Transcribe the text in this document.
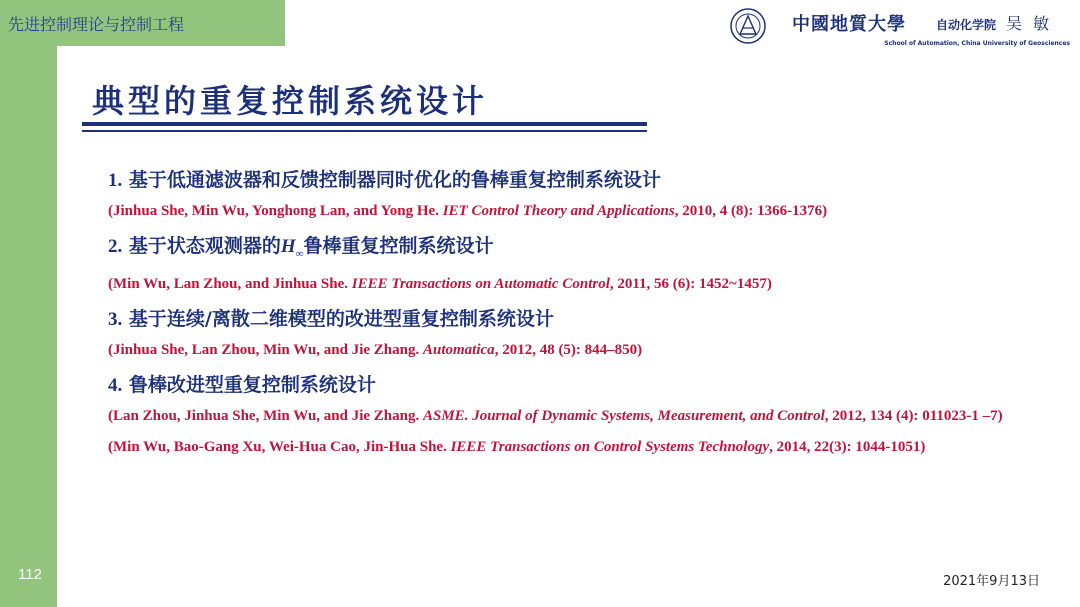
先进控制理论与控制工程	中國地質大學	自动化学院 吴 敏
School of Automation, China University of Geosciences
典型的重复控制系统设计

1. 基于低通滤波器和反馈控制器同时优化的鲁棒重复控制系统设计

(Jinhua She, Min Wu, Yonghong Lan, and Yong He. IET Control Theory and Applications, 2010, 4 (8): 1366-1376)

2. 基于状态观测器的$H_\infty$鲁棒重复控制系统设计

(Min Wu, Lan Zhou, and Jinhua She. IEEE Transactions on Automatic Control, 2011, 56 (6): 1452~1457)

3. 基于连续/离散二维模型的改进型重复控制系统设计

(Jinhua She, Lan Zhou, Min Wu, and Jie Zhang. Automatica, 2012, 48 (5): 844–850)

4. 鲁棒改进型重复控制系统设计

(Lan Zhou, Jinhua She, Min Wu, and Jie Zhang. ASME. Journal of Dynamic Systems, Measurement, and Control, 2012, 134 (4): 011023-1 –7)

(Min Wu, Bao-Gang Xu, Wei-Hua Cao, Jin-Hua She. IEEE Transactions on Control Systems Technology, 2014, 22(3): 1044-1051)

112	2021年9月13日
